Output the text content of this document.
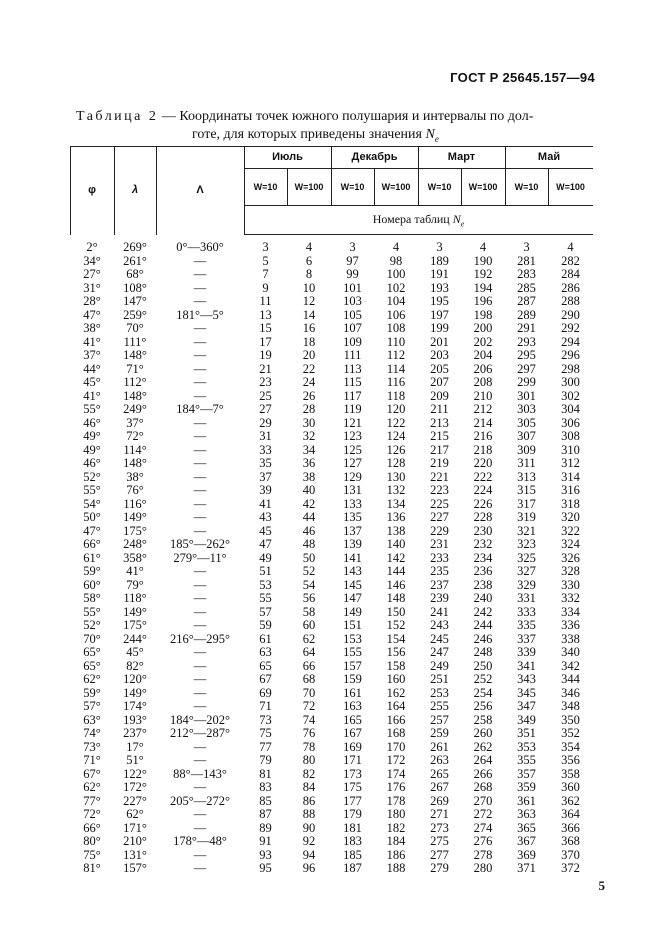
ГОСТ Р 25645.157—94
Таблица 2 — Координаты точек южного полушария и интервалы по дол-
готе, для которых приведены значения $N_e$
φ	λ	Λ
Июль	Декабрь	Март	Май
W=10	W=100	W=10	W=100	W=10	W=100	W=10	W=100
Номера таблиц $N_e$
2°	269°	0°—360°	3	4	3	4	3	4	3	4
34°	261°	—	5	6	97	98	189	190	281	282
27°	68°	—	7	8	99	100	191	192	283	284
31°	108°	—	9	10	101	102	193	194	285	286
28°	147°	—	11	12	103	104	195	196	287	288
47°	259°	181°—5°	13	14	105	106	197	198	289	290
38°	70°	—	15	16	107	108	199	200	291	292
41°	111°	—	17	18	109	110	201	202	293	294
37°	148°	—	19	20	111	112	203	204	295	296
44°	71°	—	21	22	113	114	205	206	297	298
45°	112°	—	23	24	115	116	207	208	299	300
41°	148°	—	25	26	117	118	209	210	301	302
55°	249°	184°—7°	27	28	119	120	211	212	303	304
46°	37°	—	29	30	121	122	213	214	305	306
49°	72°	—	31	32	123	124	215	216	307	308
49°	114°	—	33	34	125	126	217	218	309	310
46°	148°	—	35	36	127	128	219	220	311	312
52°	38°	—	37	38	129	130	221	222	313	314
55°	76°	—	39	40	131	132	223	224	315	316
54°	116°	—	41	42	133	134	225	226	317	318
50°	149°	—	43	44	135	136	227	228	319	320
47°	175°	—	45	46	137	138	229	230	321	322
66°	248°	185°—262°	47	48	139	140	231	232	323	324
61°	358°	279°—11°	49	50	141	142	233	234	325	326
59°	41°	—	51	52	143	144	235	236	327	328
60°	79°	—	53	54	145	146	237	238	329	330
58°	118°	—	55	56	147	148	239	240	331	332
55°	149°	—	57	58	149	150	241	242	333	334
52°	175°	—	59	60	151	152	243	244	335	336
70°	244°	216°—295°	61	62	153	154	245	246	337	338
65°	45°	—	63	64	155	156	247	248	339	340
65°	82°	—	65	66	157	158	249	250	341	342
62°	120°	—	67	68	159	160	251	252	343	344
59°	149°	—	69	70	161	162	253	254	345	346
57°	174°	—	71	72	163	164	255	256	347	348
63°	193°	184°—202°	73	74	165	166	257	258	349	350
74°	237°	212°—287°	75	76	167	168	259	260	351	352
73°	17°	—	77	78	169	170	261	262	353	354
71°	51°	—	79	80	171	172	263	264	355	356
67°	122°	88°—143°	81	82	173	174	265	266	357	358
62°	172°	—	83	84	175	176	267	268	359	360
77°	227°	205°—272°	85	86	177	178	269	270	361	362
72°	62°	—	87	88	179	180	271	272	363	364
66°	171°	—	89	90	181	182	273	274	365	366
80°	210°	178°—48°	91	92	183	184	275	276	367	368
75°	131°	—	93	94	185	186	277	278	369	370
81°	157°	—	95	96	187	188	279	280	371	372
5
